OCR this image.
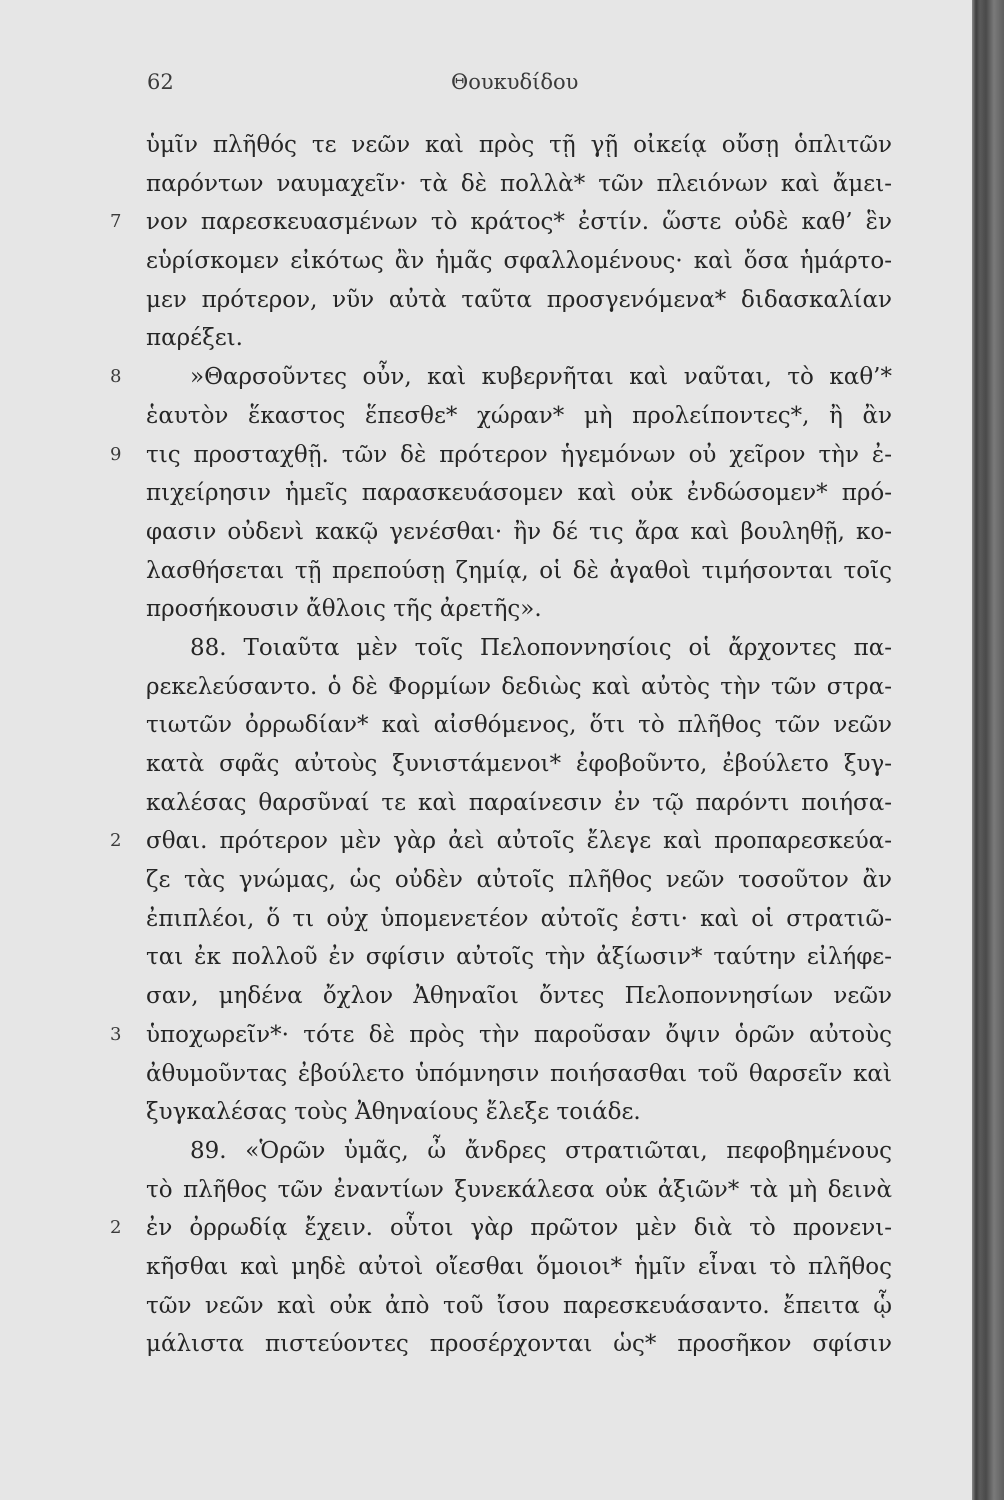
62	Θουκυδίδου
ὑμῖν πλῆθός τε νεῶν καὶ πρὸς τῇ γῇ οἰκείᾳ οὔσῃ ὁπλιτῶν
παρόντων ναυμαχεῖν· τὰ δὲ πολλὰ* τῶν πλειόνων καὶ ἄμει-
7	νον παρεσκευασμένων τὸ κράτος* ἐστίν. ὥστε οὐδὲ καθ’ ἓν
εὑρίσκομεν εἰκότως ἂν ἡμᾶς σφαλλομένους· καὶ ὅσα ἡμάρτο-
μεν πρότερον, νῦν αὐτὰ ταῦτα προσγενόμενα* διδασκαλίαν
παρέξει.
8	»Θαρσοῦντες οὖν, καὶ κυβερνῆται καὶ ναῦται, τὸ καθ’*
ἑαυτὸν ἕκαστος ἕπεσθε* χώραν* μὴ προλείποντες*, ἢ ἂν
9	τις προσταχθῇ. τῶν δὲ πρότερον ἡγεμόνων οὐ χεῖρον τὴν ἐ-
πιχείρησιν ἡμεῖς παρασκευάσομεν καὶ οὐκ ἐνδώσομεν* πρό-
φασιν οὐδενὶ κακῷ γενέσθαι· ἢν δέ τις ἄρα καὶ βουληθῇ, κο-
λασθήσεται τῇ πρεπούσῃ ζημίᾳ, οἱ δὲ ἀγαθοὶ τιμήσονται τοῖς
προσήκουσιν ἄθλοις τῆς ἀρετῆς».
88. Τοιαῦτα μὲν τοῖς Πελοποννησίοις οἱ ἄρχοντες πα-
ρεκελεύσαντο. ὁ δὲ Φορμίων δεδιὼς καὶ αὐτὸς τὴν τῶν στρα-
τιωτῶν ὀρρωδίαν* καὶ αἰσθόμενος, ὅτι τὸ πλῆθος τῶν νεῶν
κατὰ σφᾶς αὐτοὺς ξυνιστάμενοι* ἐφοβοῦντο, ἐβούλετο ξυγ-
καλέσας θαρσῦναί τε καὶ παραίνεσιν ἐν τῷ παρόντι ποιήσα-
2	σθαι. πρότερον μὲν γὰρ ἀεὶ αὐτοῖς ἔλεγε καὶ προπαρεσκεύα-
ζε τὰς γνώμας, ὡς οὐδὲν αὐτοῖς πλῆθος νεῶν τοσοῦτον ἂν
ἐπιπλέοι, ὅ τι οὐχ ὑπομενετέον αὐτοῖς ἐστι· καὶ οἱ στρατιῶ-
ται ἐκ πολλοῦ ἐν σφίσιν αὐτοῖς τὴν ἀξίωσιν* ταύτην εἰλήφε-
σαν, μηδένα ὄχλον Ἀθηναῖοι ὄντες Πελοποννησίων νεῶν
3	ὑποχωρεῖν*· τότε δὲ πρὸς τὴν παροῦσαν ὄψιν ὁρῶν αὐτοὺς
ἀθυμοῦντας ἐβούλετο ὑπόμνησιν ποιήσασθαι τοῦ θαρσεῖν καὶ
ξυγκαλέσας τοὺς Ἀθηναίους ἔλεξε τοιάδε.
89. «Ὁρῶν ὑμᾶς, ὦ ἄνδρες στρατιῶται, πεφοβημένους
τὸ πλῆθος τῶν ἐναντίων ξυνεκάλεσα οὐκ ἀξιῶν* τὰ μὴ δεινὰ
2	ἐν ὀρρωδίᾳ ἔχειν. οὗτοι γὰρ πρῶτον μὲν διὰ τὸ προνενι-
κῆσθαι καὶ μηδὲ αὐτοὶ οἴεσθαι ὅμοιοι* ἡμῖν εἶναι τὸ πλῆθος
τῶν νεῶν καὶ οὐκ ἀπὸ τοῦ ἴσου παρεσκευάσαντο. ἔπειτα ᾧ
μάλιστα πιστεύοντες προσέρχονται ὡς* προσῆκον σφίσιν
